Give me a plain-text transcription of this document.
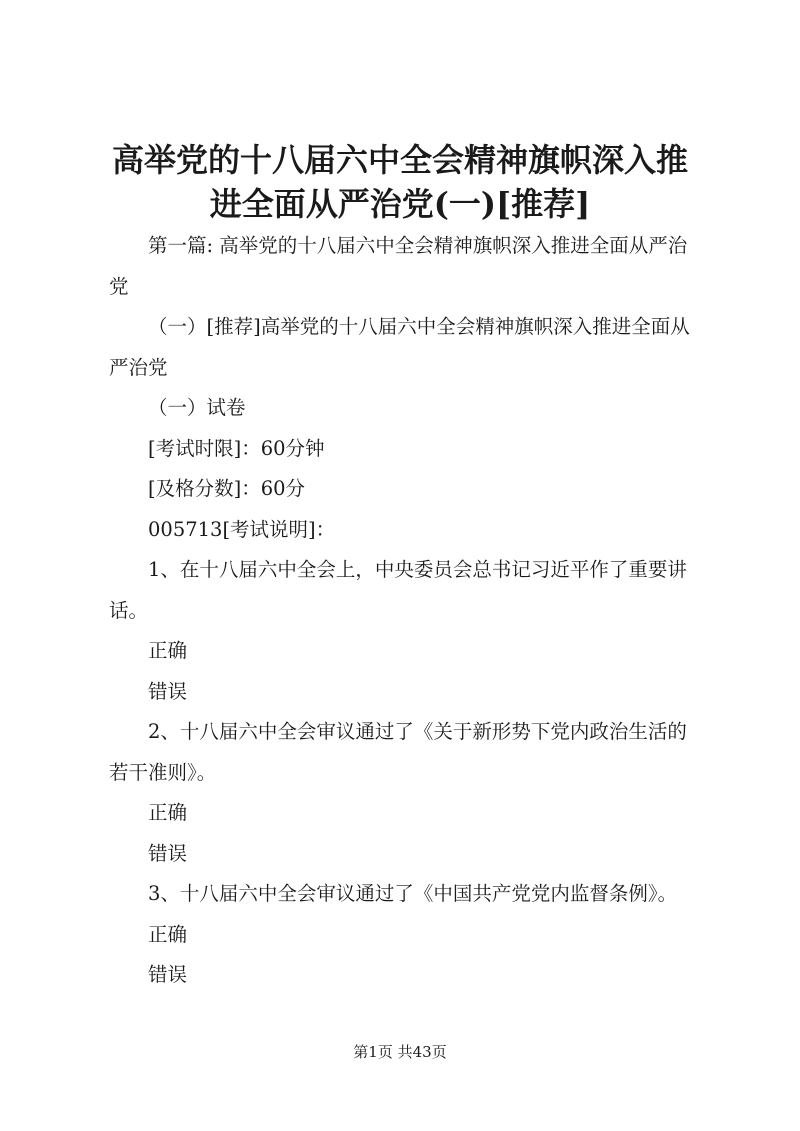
高举党的十八届六中全会精神旗帜深入推进全面从严治党(一)[推荐]

第一篇: 高举党的十八届六中全会精神旗帜深入推进全面从严治党

（一）[推荐]高举党的十八届六中全会精神旗帜深入推进全面从严治党

（一）试卷

[考试时限]：60分钟

[及格分数]：60分

005713[考试说明]：

1、在十八届六中全会上，中央委员会总书记习近平作了重要讲话。

正确

错误

2、十八届六中全会审议通过了《关于新形势下党内政治生活的若干准则》。

正确

错误

3、十八届六中全会审议通过了《中国共产党党内监督条例》。

正确

错误

第1页 共43页
